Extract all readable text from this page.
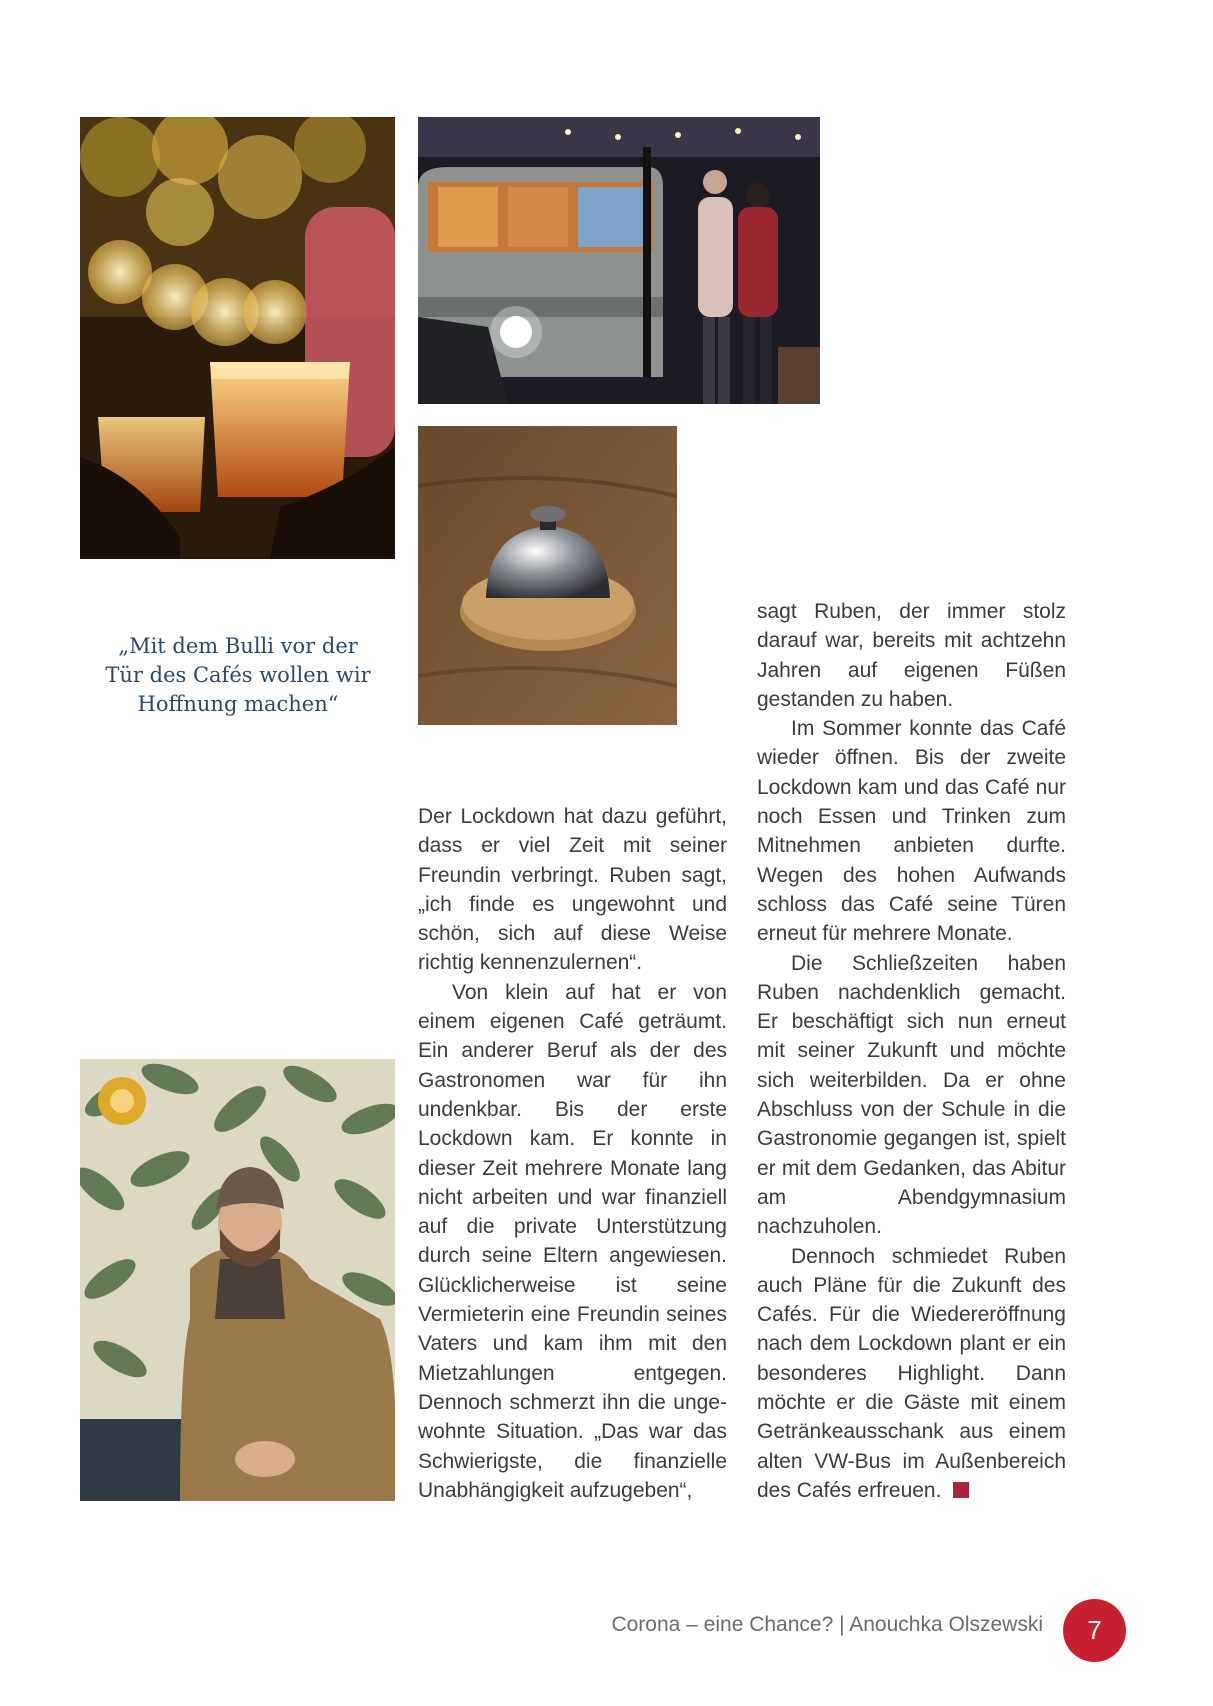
„Mit dem Bulli vor der
Tür des Cafés wollen wir
Hoffnung machen“

Der Lockdown hat dazu geführt, dass er viel Zeit mit seiner Freundin verbringt. Ruben sagt, „ich finde es ungewohnt und schön, sich auf diese Weise richtig kennenzulernen“.

Von klein auf hat er von einem eigenen Café geträumt. Ein anderer Beruf als der des Gastronomen war für ihn undenkbar. Bis der erste Lockdown kam. Er konnte in dieser Zeit mehrere Monate lang nicht arbeiten und war finanziell auf die private Unterstützung durch seine Eltern angewiesen. Glücklicherweise ist seine Vermieterin eine Freundin seines Vaters und kam ihm mit den Mietzahlungen entgegen. Dennoch schmerzt ihn die ungewohnte Situation. „Das war das Schwierigste, die finanzielle Unabhängigkeit aufzugeben“,

sagt Ruben, der immer stolz darauf war, bereits mit achtzehn Jahren auf eigenen Füßen gestanden zu haben.

Im Sommer konnte das Café wieder öffnen. Bis der zweite Lockdown kam und das Café nur noch Essen und Trinken zum Mitnehmen anbieten durfte. Wegen des hohen Aufwands schloss das Café seine Türen erneut für mehrere Monate.

Die Schließzeiten haben Ruben nachdenklich gemacht. Er beschäftigt sich nun erneut mit seiner Zukunft und möchte sich weiterbilden. Da er ohne Abschluss von der Schule in die Gastronomie gegangen ist, spielt er mit dem Gedanken, das Abitur am Abendgymnasium nachzuholen.

Dennoch schmiedet Ruben auch Pläne für die Zukunft des Cafés. Für die Wiedereröffnung nach dem Lockdown plant er ein besonderes Highlight. Dann möchte er die Gäste mit einem Getränkeausschank aus einem alten VW-Bus im Außenbereich des Cafés erfreuen.

Corona – eine Chance? | Anouchka Olszewski 7
